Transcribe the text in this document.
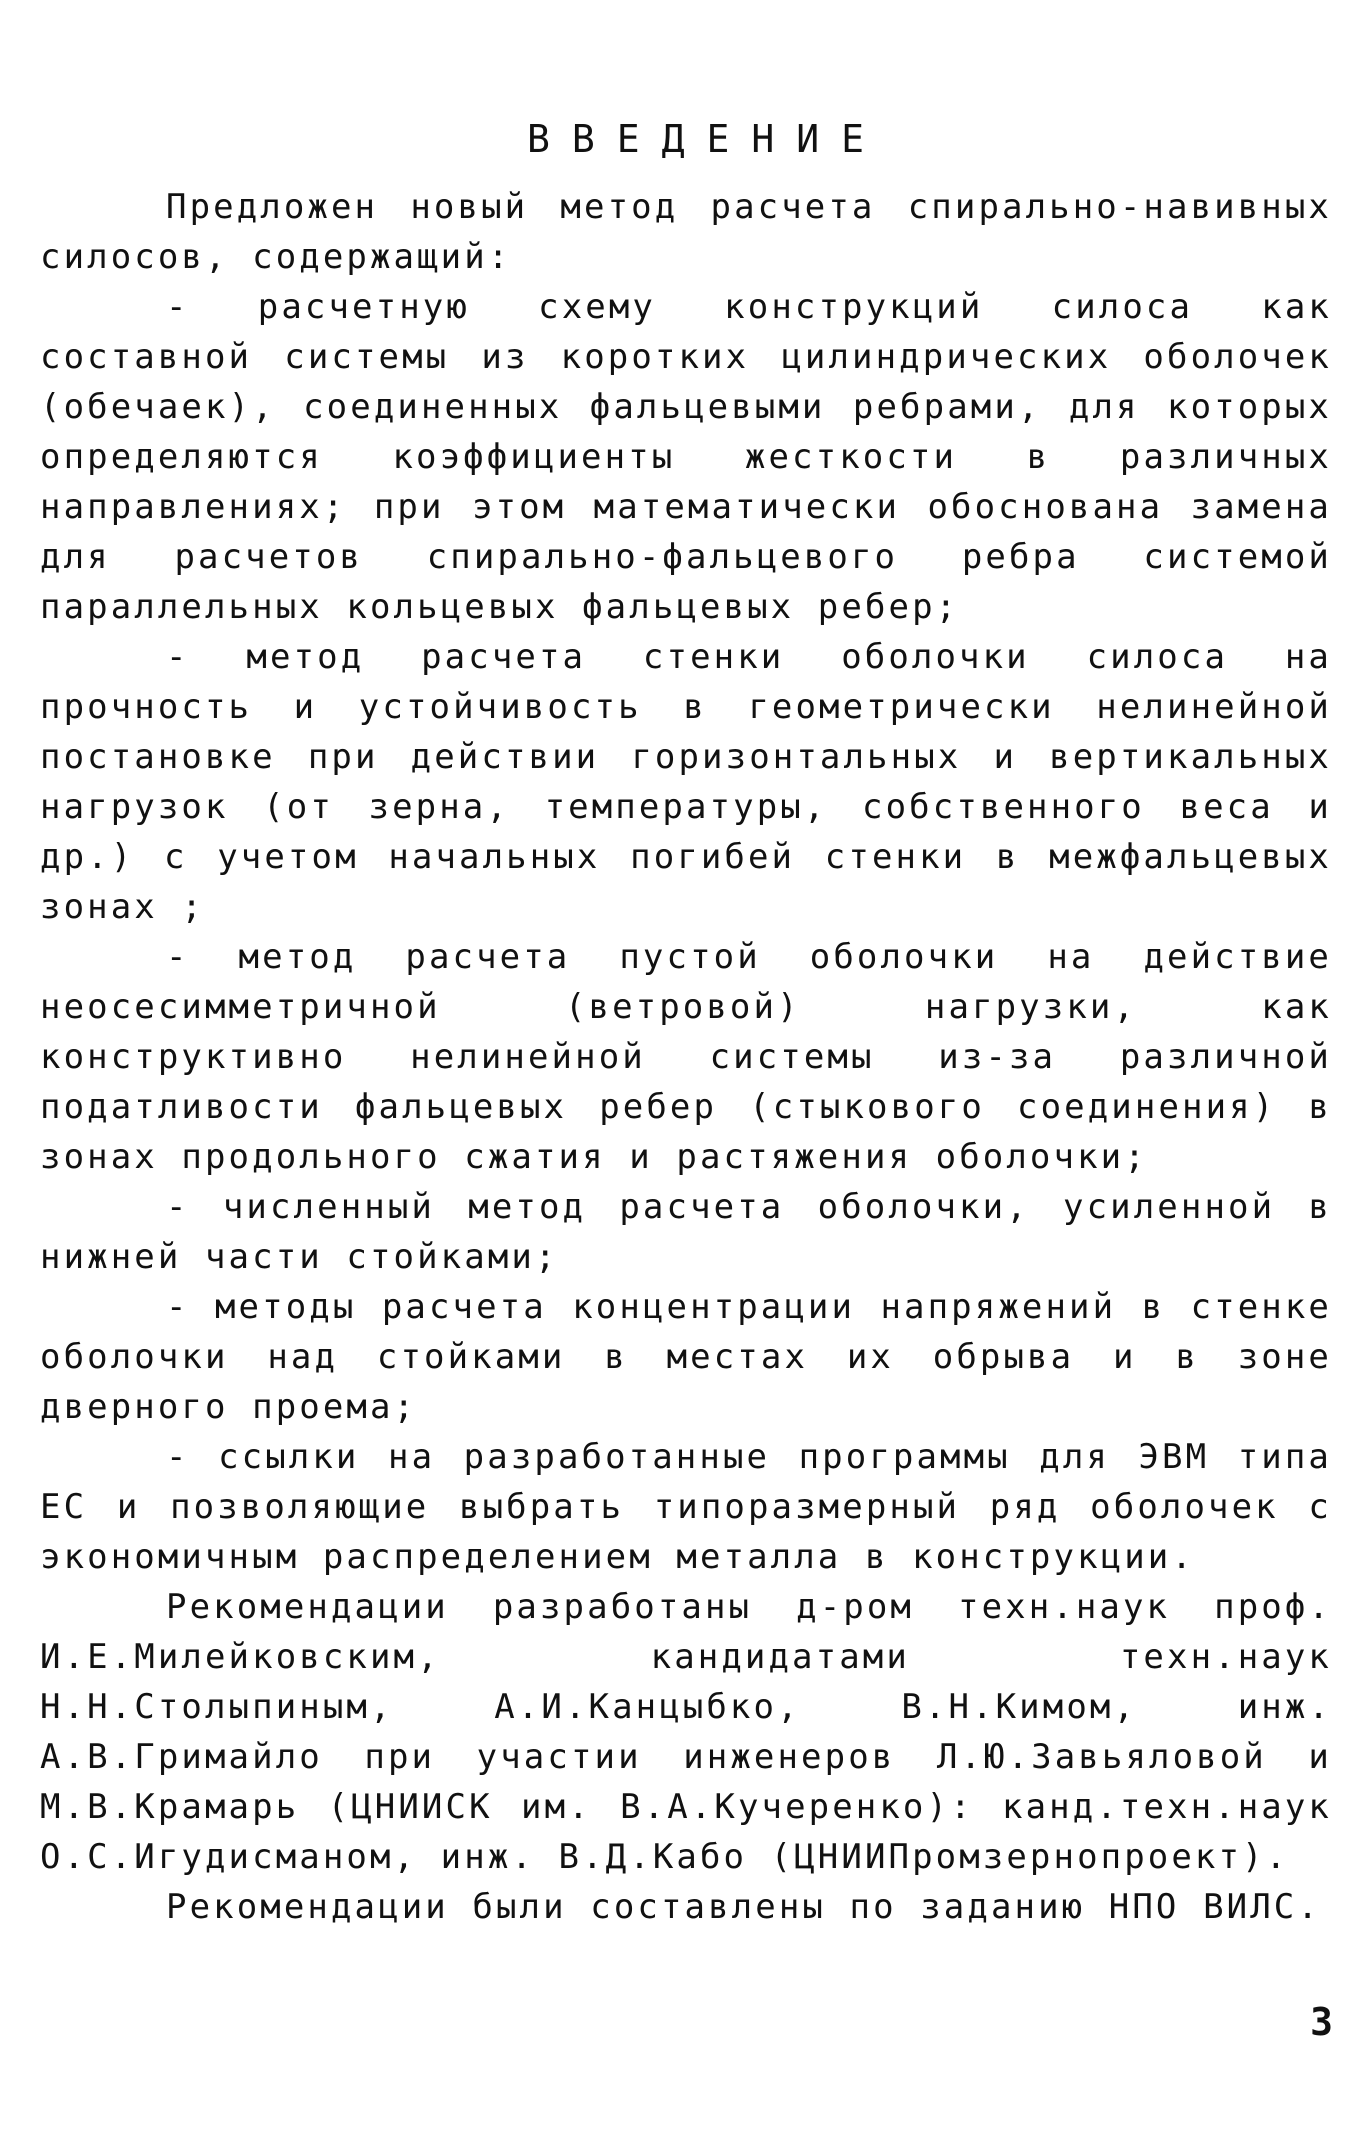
ВВЕДЕНИЕ

Предложен новый метод расчета спирально-навивных силосов, содержащий:

- расчетную схему конструкций силоса как составной системы из коротких цилиндрических оболочек (обечаек), соединенных фальцевыми ребрами, для которых определяются коэффициенты жесткости в различных направлениях; при этом математически обоснована замена для расчетов спирально-фальцевого ребра системой параллельных кольцевых фальцевых ребер;

- метод расчета стенки оболочки силоса на прочность и устойчивость в геометрически нелинейной постановке при действии горизонтальных и вертикальных нагрузок (от зерна, температуры, собственного веса и др.) с учетом начальных погибей стенки в межфальцевых зонах ;

- метод расчета пустой оболочки на действие неосесимметричной (ветровой) нагрузки, как конструктивно нелинейной системы из-за различной податливости фальцевых ребер (стыкового соединения) в зонах продольного сжатия и растяжения оболочки;

- численный метод расчета оболочки, усиленной в нижней части стойками;

- методы расчета концентрации напряжений в стенке оболочки над стойками в местах их обрыва и в зоне дверного проема;

- ссылки на разработанные программы для ЭВМ типа ЕС и позволяющие выбрать типоразмерный ряд оболочек с экономичным распределением металла в конструкции.

Рекомендации разработаны д-ром техн.наук проф. И.Е.Милейковским, кандидатами техн.наук Н.Н.Столыпиным, А.И.Канцыбко, В.Н.Кимом, инж. А.В.Гримайло при участии инженеров Л.Ю.Завьяловой и М.В.Крамарь (ЦНИИСК им. В.А.Кучеренко): канд.техн.наук О.С.Игудисманом, инж. В.Д.Кабо (ЦНИИПромзернопроект).

Рекомендации были составлены по заданию НПО ВИЛС.

3
